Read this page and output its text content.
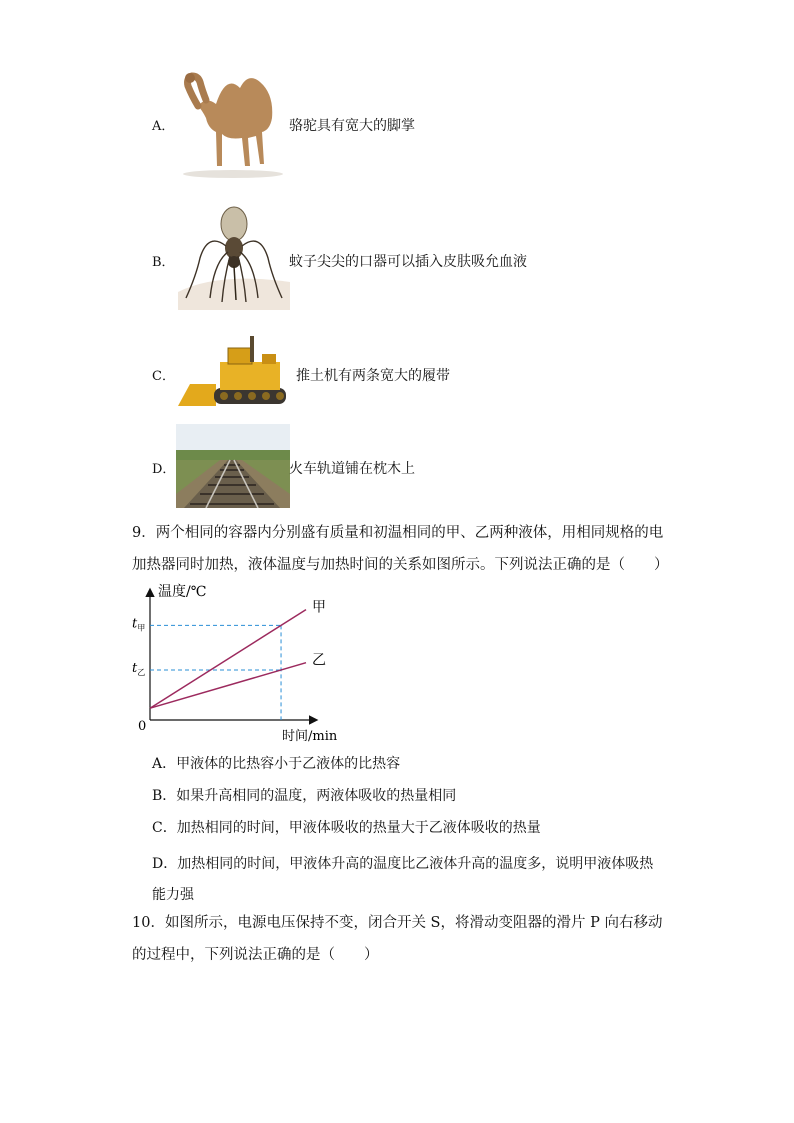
A．	骆驼具有宽大的脚掌
B．	蚊子尖尖的口器可以插入皮肤吸允血液
C．	推土机有两条宽大的履带
D．	火车轨道铺在枕木上
9．两个相同的容器内分别盛有质量和初温相同的甲、乙两种液体，用相同规格的电加热器同时加热，液体温度与加热时间的关系如图所示。下列说法正确的是（　　）
温度/℃
时间/min
0
甲
乙
$t_甲$
$t_乙$
A．甲液体的比热容小于乙液体的比热容
B．如果升高相同的温度，两液体吸收的热量相同
C．加热相同的时间，甲液体吸收的热量大于乙液体吸收的热量
D．加热相同的时间，甲液体升高的温度比乙液体升高的温度多，说明甲液体吸热能力强
10．如图所示，电源电压保持不变，闭合开关 S，将滑动变阻器的滑片 P 向右移动的过程中，下列说法正确的是（　　）
